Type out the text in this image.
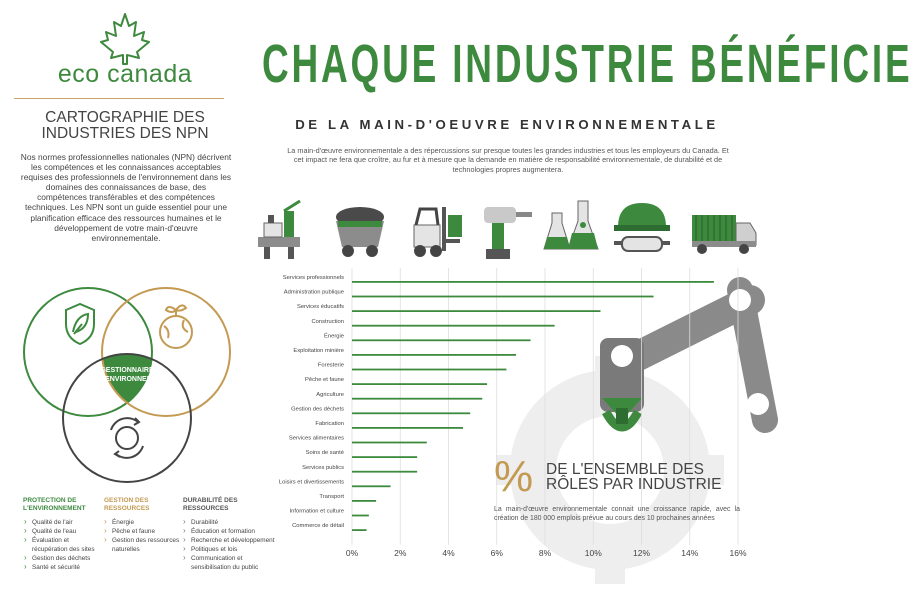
eco canada
CARTOGRAPHIE DES INDUSTRIES DES NPN
Nos normes professionnelles nationales (NPN) décrivent les compétences et les connaissances acceptables requises des professionnels de l'environnement dans les domaines des connaissances de base, des compétences transférables et des compétences techniques. Les NPN sont un guide essentiel pour une planification efficace des ressources humaines et le développement de votre main-d'œuvre environnementale.
GESTIONNAIRE
DE L'ENVIRONNEMENT
PROTECTION DE L'ENVIRONNEMENT
› Qualité de l'air
› Qualité de l'eau
› Évaluation et récupération des sites
› Gestion des déchets
› Santé et sécurité
GESTION DES RESSOURCES
› Énergie
› Pêche et faune
› Gestion des ressources naturelles
DURABILITÉ DES RESSOURCES
› Durabilité
› Éducation et formation
› Recherche et développement
› Politiques et lois
› Communication et sensibilisation du public
CHAQUE INDUSTRIE BÉNÉFICIE
DE LA MAIN-D'OEUVRE ENVIRONNEMENTALE
La main-d'œuvre environnementale a des répercussions sur presque toutes les grandes industries et tous les employeurs du Canada. Et cet impact ne fera que croître, au fur et à mesure que la demande en matière de responsabilité environnementale, de durabilité et de technologies propres augmentera.
Services professionnels
Administration publique
Services éducatifs
Construction
Énergie
Exploitation minière
Foresterie
Pêche et faune
Agriculture
Gestion des déchets
Fabrication
Services alimentaires
Soins de santé
Services publics
Loisirs et divertissements
Transport
Information et culture
Commerce de détail
0%	2%	4%	6%	8%	10%	12%	14%	16%
% DE L'ENSEMBLE DES RÔLES PAR INDUSTRIE
La main-d'œuvre environnementale connait une croissance rapide, avec la création de 180 000 emplois prévue au cours des 10 prochaines années
